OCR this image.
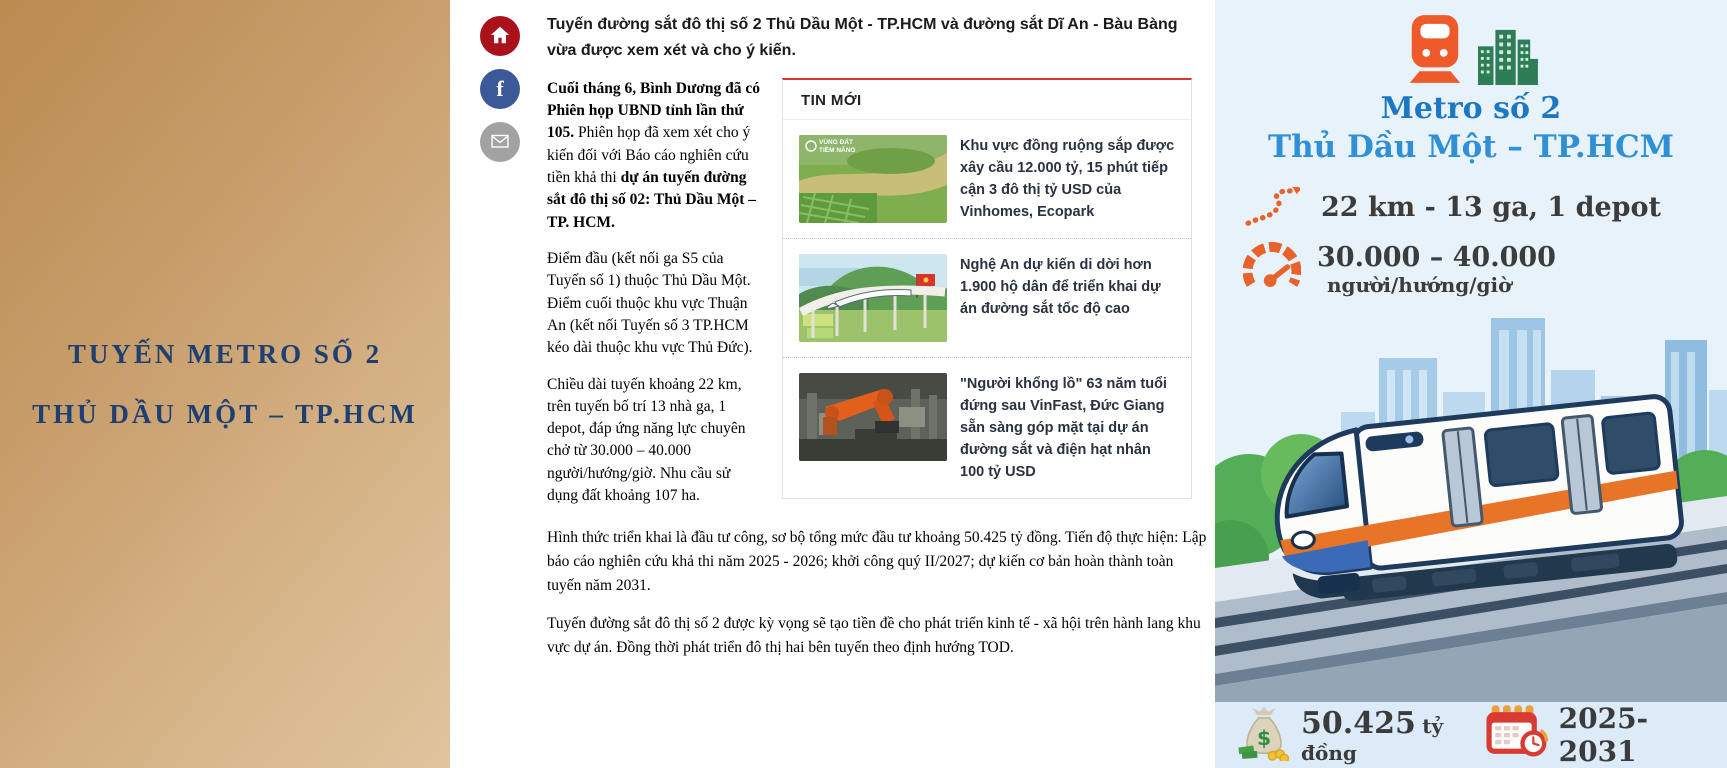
TUYẾN METRO SỐ 2
THỦ DẦU MỘT – TP.HCM
f
Tuyến đường sắt đô thị số 2 Thủ Dầu Một - TP.HCM và đường sắt Dĩ An - Bàu Bàng vừa được xem xét và cho ý kiến.

Cuối tháng 6, Bình Dương đã có Phiên họp UBND tỉnh lần thứ 105. Phiên họp đã xem xét cho ý kiến đối với Báo cáo nghiên cứu tiền khả thi dự án tuyến đường sắt đô thị số 02: Thủ Dầu Một – TP. HCM.

Điểm đầu (kết nối ga S5 của Tuyến số 1) thuộc Thủ Dầu Một. Điểm cuối thuộc khu vực Thuận An (kết nối Tuyến số 3 TP.HCM kéo dài thuộc khu vực Thủ Đức).

Chiều dài tuyến khoảng 22 km, trên tuyến bố trí 13 nhà ga, 1 depot, đáp ứng năng lực chuyên chở từ 30.000 – 40.000 người/hướng/giờ. Nhu cầu sử dụng đất khoảng 107 ha.

TIN MỚI
VÙNG ĐẤT
TIỀM NĂNG	Khu vực đồng ruộng sắp được xây cầu 12.000 tỷ, 15 phút tiếp cận 3 đô thị tỷ USD của Vinhomes, Ecopark
Nghệ An dự kiến di dời hơn 1.900 hộ dân để triển khai dự án đường sắt tốc độ cao
"Người khổng lồ" 63 năm tuổi đứng sau VinFast, Đức Giang sẵn sàng góp mặt tại dự án đường sắt và điện hạt nhân 100 tỷ USD

Hình thức triển khai là đầu tư công, sơ bộ tổng mức đầu tư khoảng 50.425 tỷ đồng. Tiến độ thực hiện: Lập báo cáo nghiên cứu khả thi năm 2025 - 2026; khởi công quý II/2027; dự kiến cơ bản hoàn thành toàn tuyến năm 2031.

Tuyến đường sắt đô thị số 2 được kỳ vọng sẽ tạo tiền đề cho phát triển kinh tế - xã hội trên hành lang khu vực dự án. Đồng thời phát triển đô thị hai bên tuyến theo định hướng TOD.

Metro số 2
Thủ Dầu Một – TP.HCM
22 km - 13 ga, 1 depot
30.000 – 40.000
người/hướng/giờ
$ 50.425 tỷ đồng
2025-2031
